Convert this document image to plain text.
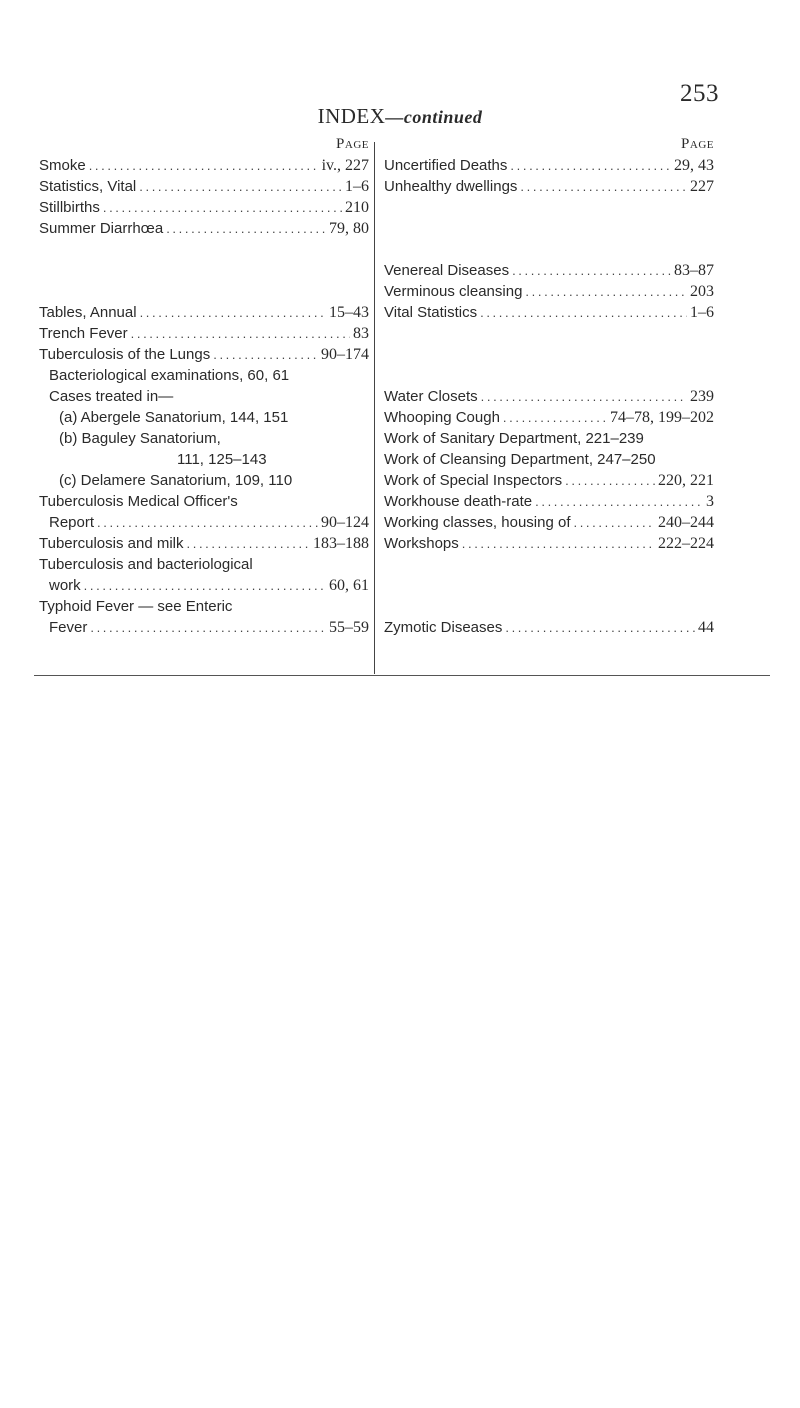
253
INDEX—continued
Page
Smoke . . .	iv., 227
Statistics, Vital . . .	1–6
Stillbirths . . .	210
Summer Diarrhœa . . .	79, 80
Tables, Annual . . .	15–43
Trench Fever . . .	83
Tuberculosis of the Lungs . . .	90–174
Bacteriological examinations, 60, 61
Cases treated in—
(a) Abergele Sanatorium, 144, 151
(b) Baguley Sanatorium,
111, 125–143
(c) Delamere Sanatorium, 109, 110
Tuberculosis Medical Officer's
Report . . .	90–124
Tuberculosis and milk . . .	183–188
Tuberculosis and bacteriological
work . . .	60, 61
Typhoid Fever — see Enteric
Fever . . .	55–59
Page
Uncertified Deaths . . .	29, 43
Unhealthy dwellings . . .	227
Venereal Diseases . . .	83–87
Verminous cleansing . . .	203
Vital Statistics . . .	1–6
Water Closets . . .	239
Whooping Cough . . .	74–78, 199–202
Work of Sanitary Department, 221–239
Work of Cleansing Department, 247–250
Work of Special Inspectors . . .	220, 221
Workhouse death-rate . . .	3
Working classes, housing of . . .	240–244
Workshops . . .	222–224
Zymotic Diseases . . .	44
